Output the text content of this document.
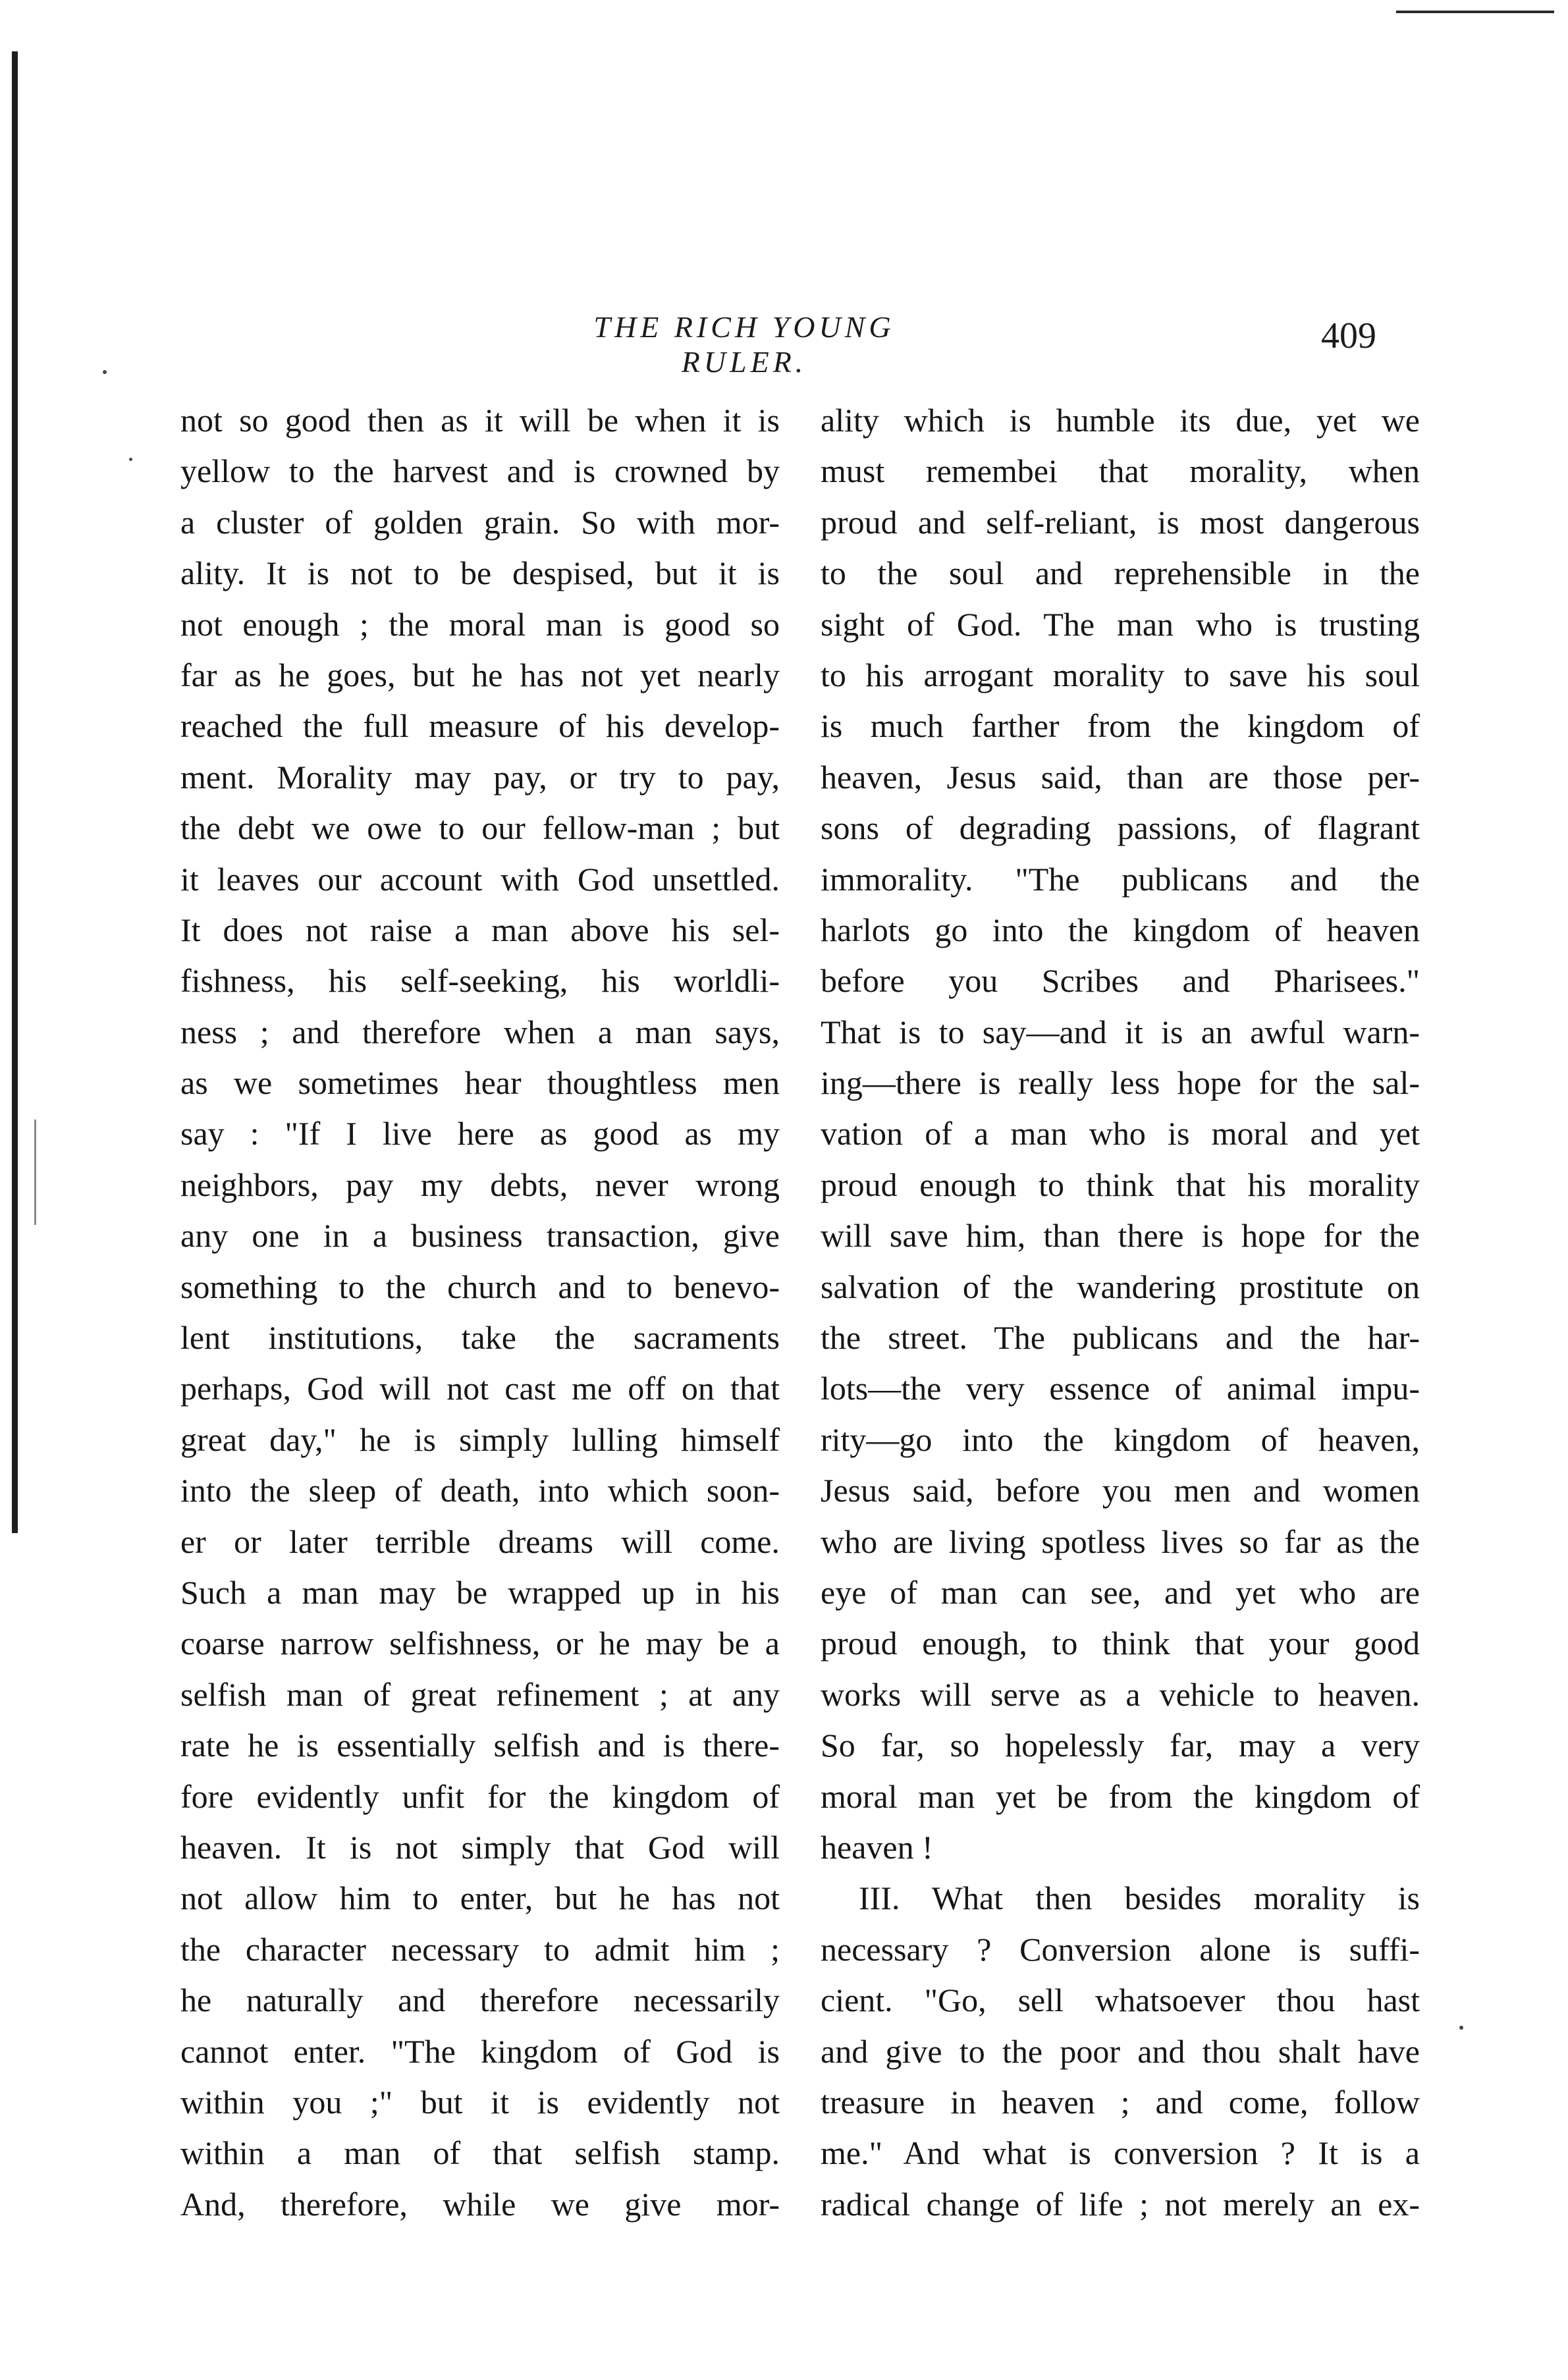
THE RICH YOUNG RULER.
409
not so good then as it will be when it is
yellow to the harvest and is crowned by
a cluster of golden grain. So with mor-
ality. It is not to be despised, but it is
not enough ; the moral man is good so
far as he goes, but he has not yet nearly
reached the full measure of his develop-
ment. Morality may pay, or try to pay,
the debt we owe to our fellow-man ; but
it leaves our account with God unsettled.
It does not raise a man above his sel-
fishness, his self-seeking, his worldli-
ness ; and therefore when a man says,
as we sometimes hear thoughtless men
say : "If I live here as good as my
neighbors, pay my debts, never wrong
any one in a business transaction, give
something to the church and to benevo-
lent institutions, take the sacraments
perhaps, God will not cast me off on that
great day," he is simply lulling himself
into the sleep of death, into which soon-
er or later terrible dreams will come.
Such a man may be wrapped up in his
coarse narrow selfishness, or he may be a
selfish man of great refinement ; at any
rate he is essentially selfish and is there-
fore evidently unfit for the kingdom of
heaven. It is not simply that God will
not allow him to enter, but he has not
the character necessary to admit him ;
he naturally and therefore necessarily
cannot enter. "The kingdom of God is
within you ;" but it is evidently not
within a man of that selfish stamp.
And, therefore, while we give mor-
ality which is humble its due, yet we
must remembei that morality, when
proud and self-reliant, is most dangerous
to the soul and reprehensible in the
sight of God. The man who is trusting
to his arrogant morality to save his soul
is much farther from the kingdom of
heaven, Jesus said, than are those per-
sons of degrading passions, of flagrant
immorality. "The publicans and the
harlots go into the kingdom of heaven
before you Scribes and Pharisees."
That is to say—and it is an awful warn-
ing—there is really less hope for the sal-
vation of a man who is moral and yet
proud enough to think that his morality
will save him, than there is hope for the
salvation of the wandering prostitute on
the street. The publicans and the har-
lots—the very essence of animal impu-
rity—go into the kingdom of heaven,
Jesus said, before you men and women
who are living spotless lives so far as the
eye of man can see, and yet who are
proud enough, to think that your good
works will serve as a vehicle to heaven.
So far, so hopelessly far, may a very
moral man yet be from the kingdom of
heaven !
III. What then besides morality is
necessary ? Conversion alone is suffi-
cient. "Go, sell whatsoever thou hast
and give to the poor and thou shalt have
treasure in heaven ; and come, follow
me." And what is conversion ? It is a
radical change of life ; not merely an ex-
